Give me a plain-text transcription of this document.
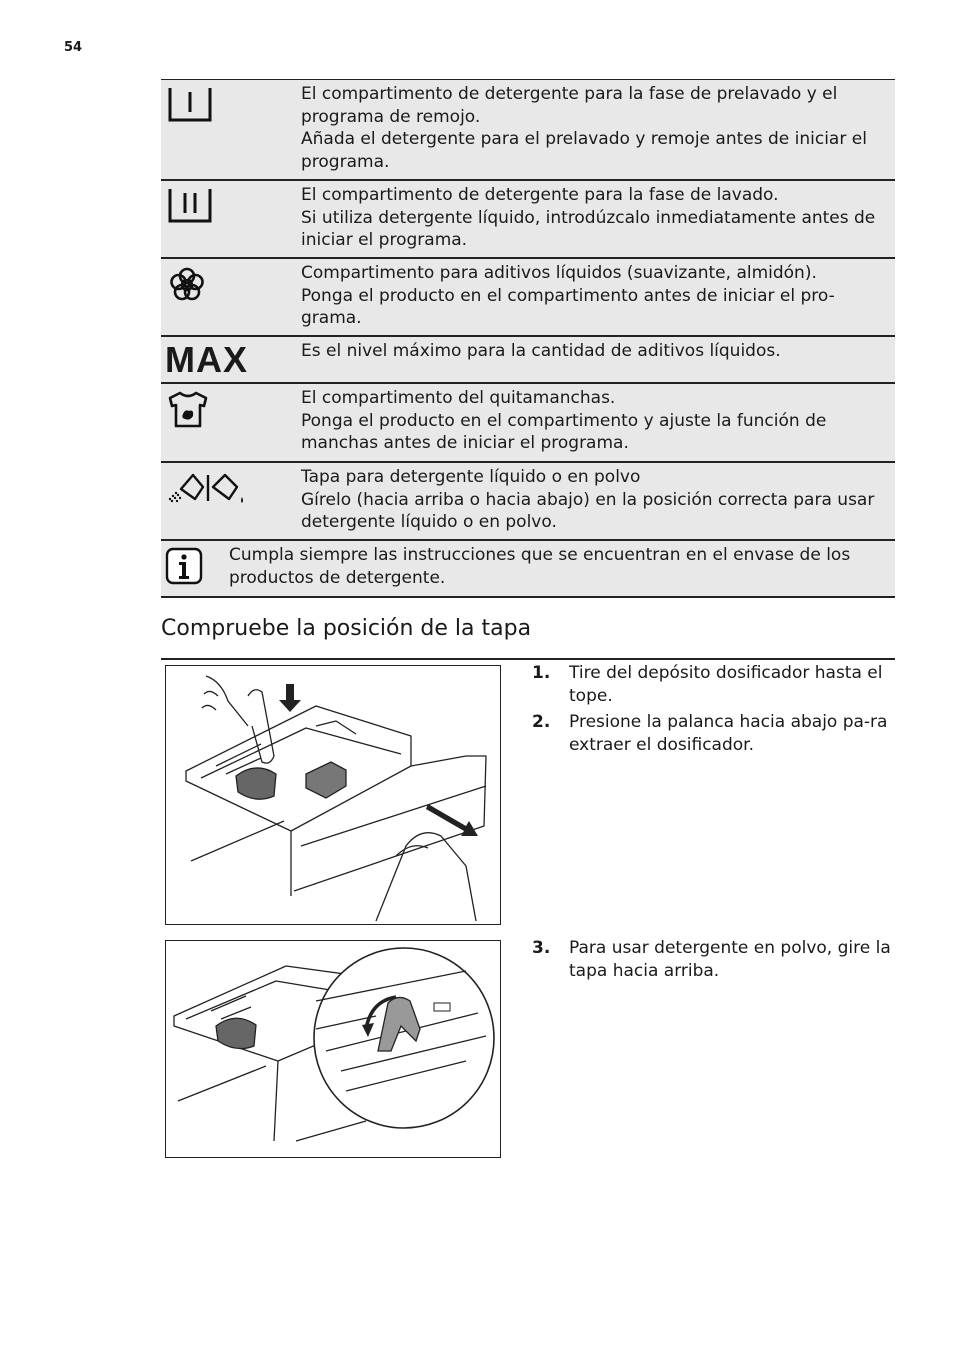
54
El compartimento de detergente para la fase de prelavado y el programa de remojo.
Añada el detergente para el prelavado y remoje antes de iniciar el programa.
El compartimento de detergente para la fase de lavado.
Si utiliza detergente líquido, introdúzcalo inmediatamente antes de iniciar el programa.
Compartimento para aditivos líquidos (suavizante, almidón).
Ponga el producto en el compartimento antes de iniciar el pro-grama.
MAX	Es el nivel máximo para la cantidad de aditivos líquidos.
El compartimento del quitamanchas.
Ponga el producto en el compartimento y ajuste la función de manchas antes de iniciar el programa.
Tapa para detergente líquido o en polvo
Gírelo (hacia arriba o hacia abajo) en la posición correcta para usar detergente líquido o en polvo.
Cumpla siempre las instrucciones que se encuentran en el envase de los productos de detergente.
Compruebe la posición de la tapa
1.	Tire del depósito dosificador hasta el tope.
2.	Presione la palanca hacia abajo pa-ra extraer el dosificador.
3.	Para usar detergente en polvo, gire la tapa hacia arriba.
